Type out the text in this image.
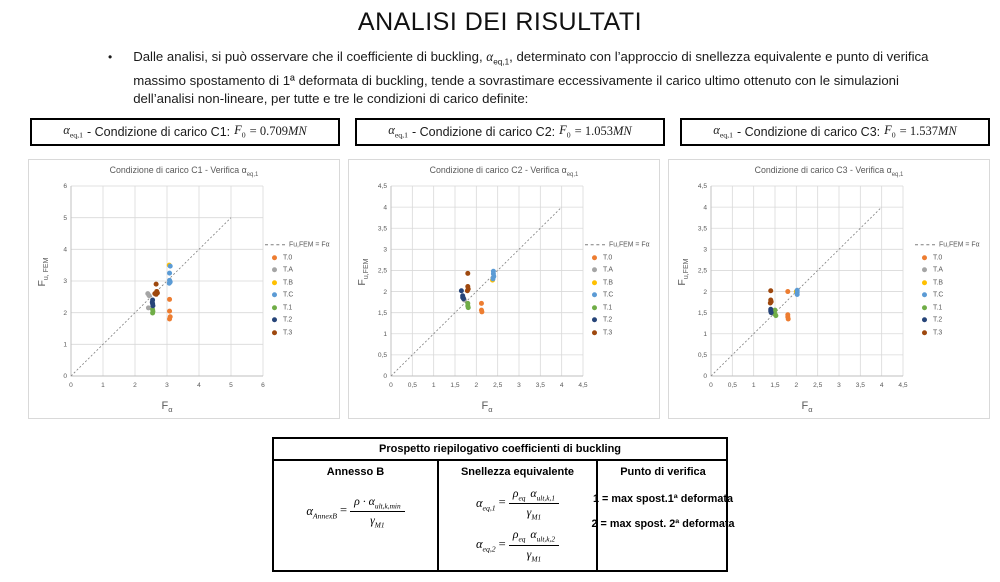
ANALISI DEI RISULTATI
• Dalle analisi, si può osservare che il coefficiente di buckling, $\alpha_{eq,1}$, determinato con l’approccio di snellezza equivalente e punto di verifica massimo spostamento di 1ª deformata di buckling, tende a sovrastimare eccessivamente il carico ultimo ottenuto con le simulazioni dell’analisi non-lineare, per tutte e tre le condizioni di carico definite:

$\alpha_{eq,1}$ - Condizione di carico C1: $F_0 = 0.709$ MN	$\alpha_{eq,1}$ - Condizione di carico C2: $F_0 = 1.053$ MN	$\alpha_{eq,1}$ - Condizione di carico C3: $F_0 = 1.537$ MN
Condizione di carico C1 - Verifica $\alpha_{eq,1}$
$F_{u, FEM}$
0
0
1
1
2
2
3
3
4
4
5
5
6
6
$F_\alpha$
Fu,FEM = Fα
T.0
T.A
T.B
T.C
T.1
T.2
T.3
Condizione di carico C2 - Verifica $\alpha_{eq,1}$
$F_{u,FEM}$
0
0
0,5
0,5
1
1
1,5
1,5
2
2
2,5
2,5
3
3
3,5
3,5
4
4
4,5
4,5
$F_\alpha$
Fu,FEM = Fα
T.0
T.A
T.B
T.C
T.1
T.2
T.3
Condizione di carico C3 - Verifica $\alpha_{eq,1}$
$F_{u,FEM}$
0
0
0,5
0,5
1
1
1,5
1,5
2
2
2,5
2,5
3
3
3,5
3,5
4
4
4,5
4,5
$F_\alpha$
Fu,FEM = Fα
T.0
T.A
T.B
T.C
T.1
T.2
T.3
Prospetto riepilogativo coefficienti di buckling
Annesso B
$\alpha_{AnnexB} = \frac{\rho \cdot \alpha_{ult,k,min}}{\gamma_{M1}}$
Snellezza equivalente
$\alpha_{eq,1} = \frac{\rho_{eq} \alpha_{ult,k,1}}{\gamma_{M1}}$
$\alpha_{eq,2} = \frac{\rho_{eq} \alpha_{ult,k,2}}{\gamma_{M1}}$
Punto di verifica
1 = max spost.1ª deformata
2 = max spost. 2ª deformata
